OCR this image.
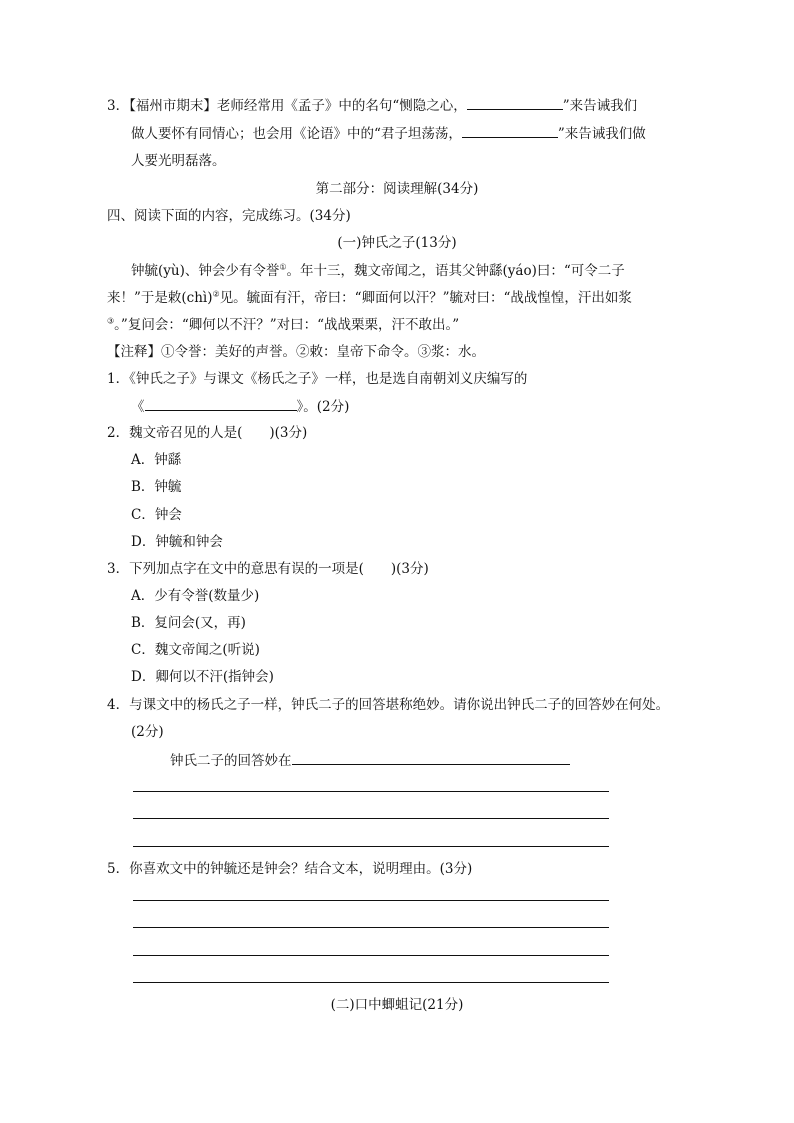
3．【福州市期末】老师经常用《孟子》中的名句“恻隐之心，	”来告诫我们
做人要怀有同情心；也会用《论语》中的“君子坦荡荡，	”来告诫我们做
人要光明磊落。
第二部分：阅读理解(34分)
四、阅读下面的内容，完成练习。(34分)
(一)钟氏之子(13分)
钟毓(yù)、钟会少有令誉①。年十三，魏文帝闻之，语其父钟繇(yáo)曰：“可令二子
来！”于是敕(chì)②见。毓面有汗，帝曰：“卿面何以汗？”毓对曰：“战战惶惶，汗出如浆
③。”复问会：“卿何以不汗？”对曰：“战战栗栗，汗不敢出。”
【注释】①令誉：美好的声誉。②敕：皇帝下命令。③浆：水。
1．《钟氏之子》与课文《杨氏之子》一样，也是选自南朝刘义庆编写的
《	》。(2分)
2．魏文帝召见的人是(　　)(3分)
A．钟繇
B．钟毓
C．钟会
D．钟毓和钟会
3．下列加点字在文中的意思有误的一项是(　　)(3分)
A．少有令誉(数量少)
B．复问会(又，再)
C．魏文帝闻之(听说)
D．卿何以不汗(指钟会)
4．与课文中的杨氏之子一样，钟氏二子的回答堪称绝妙。请你说出钟氏二子的回答妙在何处。
(2分)
钟氏二子的回答妙在
5．你喜欢文中的钟毓还是钟会？结合文本，说明理由。(3分)
(二)口中蝍蛆记(21分)
